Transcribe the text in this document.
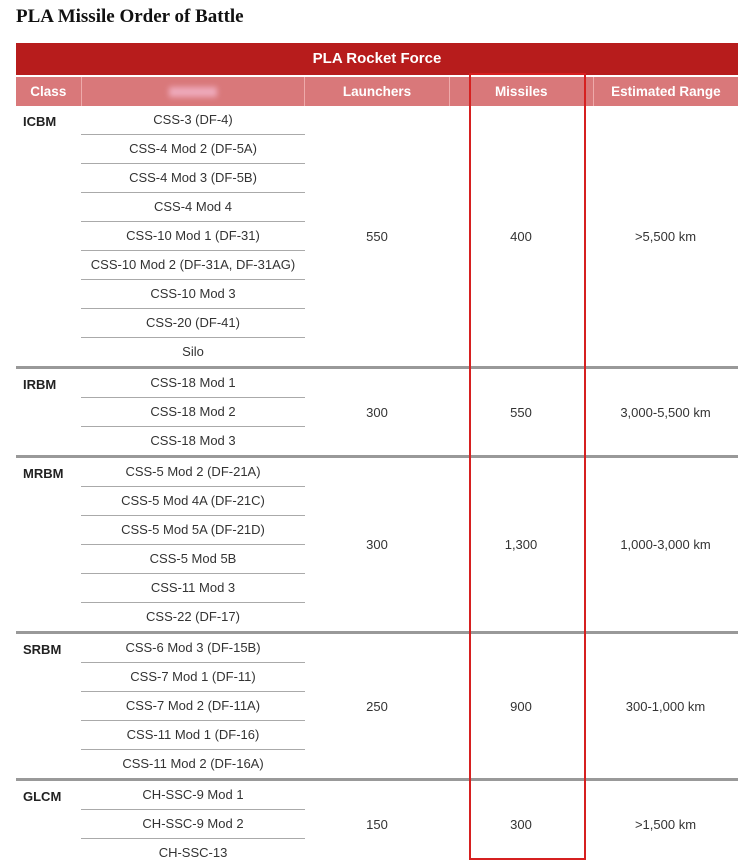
PLA Missile Order of Battle
PLA Rocket Force
Class	Launchers	Missiles	Estimated Range
ICBM	CSS-3 (DF-4)
CSS-4 Mod 2 (DF-5A)
CSS-4 Mod 3 (DF-5B)
CSS-4 Mod 4
CSS-10 Mod 1 (DF-31)
CSS-10 Mod 2 (DF-31A, DF-31AG)
CSS-10 Mod 3
CSS-20 (DF-41)
Silo
550	400	>5,500 km
IRBM	CSS-18 Mod 1
CSS-18 Mod 2
CSS-18 Mod 3
300	550	3,000-5,500 km
MRBM	CSS-5 Mod 2 (DF-21A)
CSS-5 Mod 4A (DF-21C)
CSS-5 Mod 5A (DF-21D)
CSS-5 Mod 5B
CSS-11 Mod 3
CSS-22 (DF-17)
300	1,300	1,000-3,000 km
SRBM	CSS-6 Mod 3 (DF-15B)
CSS-7 Mod 1 (DF-11)
CSS-7 Mod 2 (DF-11A)
CSS-11 Mod 1 (DF-16)
CSS-11 Mod 2 (DF-16A)
250	900	300-1,000 km
GLCM	CH-SSC-9 Mod 1
CH-SSC-9 Mod 2
CH-SSC-13
150	300	>1,500 km
